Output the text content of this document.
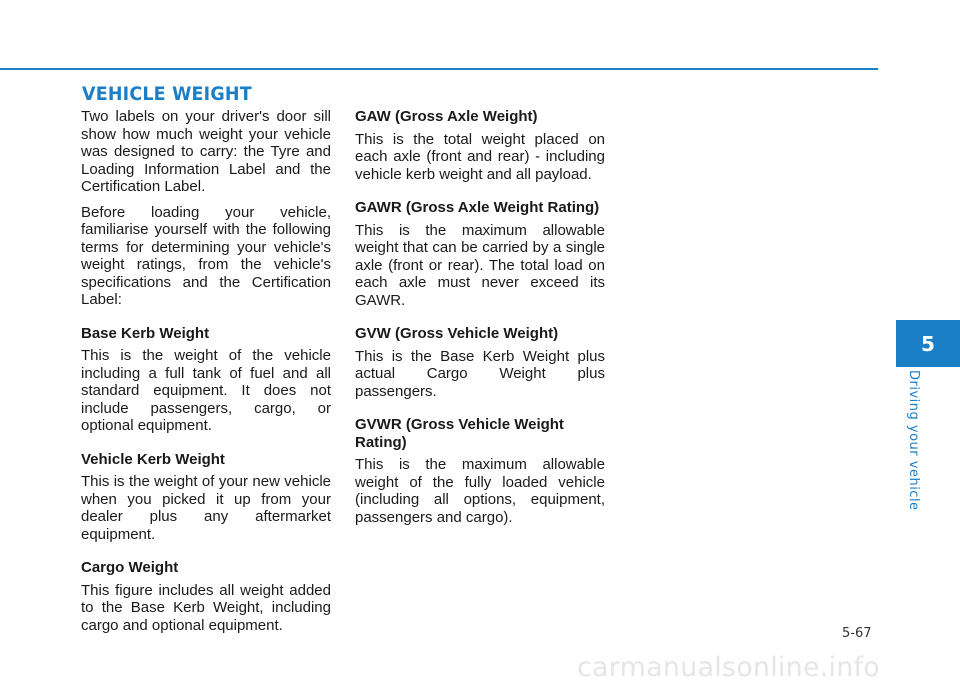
VEHICLE WEIGHT

Two labels on your driver's door sill show how much weight your vehicle was designed to carry: the Tyre and Loading Information Label and the Certification Label.

Before loading your vehicle, familiarise yourself with the following terms for determining your vehicle's weight ratings, from the vehicle's specifications and the Certification Label:

Base Kerb Weight

This is the weight of the vehicle including a full tank of fuel and all standard equipment. It does not include passengers, cargo, or optional equipment.

Vehicle Kerb Weight

This is the weight of your new vehicle when you picked it up from your dealer plus any aftermarket equipment.

Cargo Weight

This figure includes all weight added to the Base Kerb Weight, including cargo and optional equipment.

GAW (Gross Axle Weight)

This is the total weight placed on each axle (front and rear) - including vehicle kerb weight and all payload.

GAWR (Gross Axle Weight Rating)

This is the maximum allowable weight that can be carried by a single axle (front or rear). The total load on each axle must never exceed its GAWR.

GVW (Gross Vehicle Weight)

This is the Base Kerb Weight plus actual Cargo Weight plus passengers.

GVWR (Gross Vehicle Weight Rating)

This is the maximum allowable weight of the fully loaded vehicle (including all options, equipment, passengers and cargo).

5
Driving your vehicle
5-67
carmanualsonline.info
